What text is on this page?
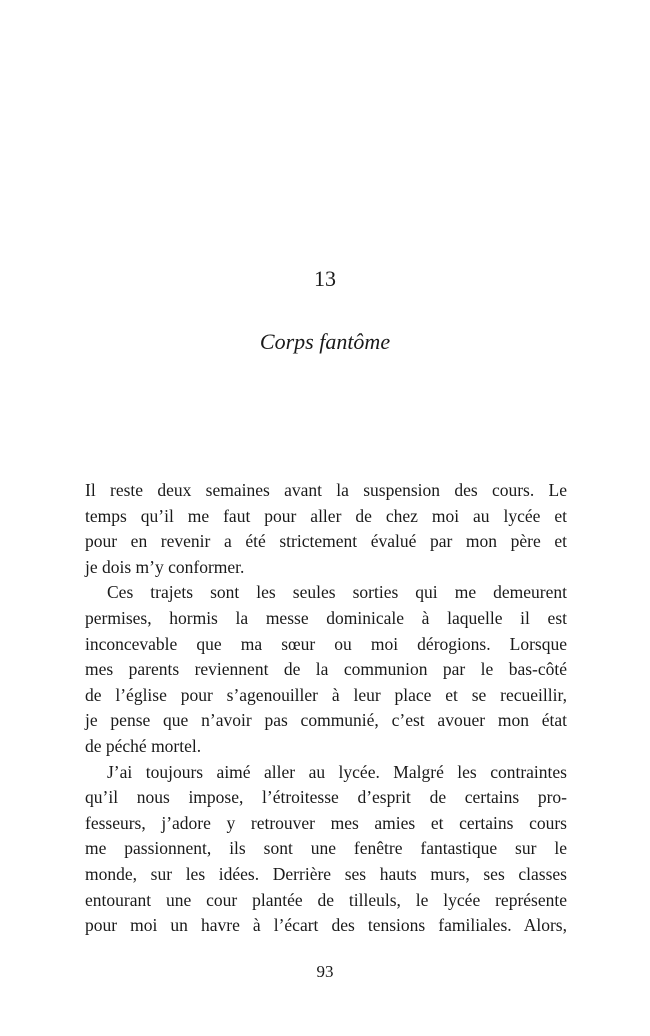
13
Corps fantôme
Il reste deux semaines avant la suspension des cours. Le
temps qu’il me faut pour aller de chez moi au lycée et
pour en revenir a été strictement évalué par mon père et
je dois m’y conformer.
Ces trajets sont les seules sorties qui me demeurent
permises, hormis la messe dominicale à laquelle il est
inconcevable que ma sœur ou moi dérogions. Lorsque
mes parents reviennent de la communion par le bas-côté
de l’église pour s’agenouiller à leur place et se recueillir,
je pense que n’avoir pas communié, c’est avouer mon état
de péché mortel.
J’ai toujours aimé aller au lycée. Malgré les contraintes
qu’il nous impose, l’étroitesse d’esprit de certains pro-
fesseurs, j’adore y retrouver mes amies et certains cours
me passionnent, ils sont une fenêtre fantastique sur le
monde, sur les idées. Derrière ses hauts murs, ses classes
entourant une cour plantée de tilleuls, le lycée représente
pour moi un havre à l’écart des tensions familiales. Alors,
93
